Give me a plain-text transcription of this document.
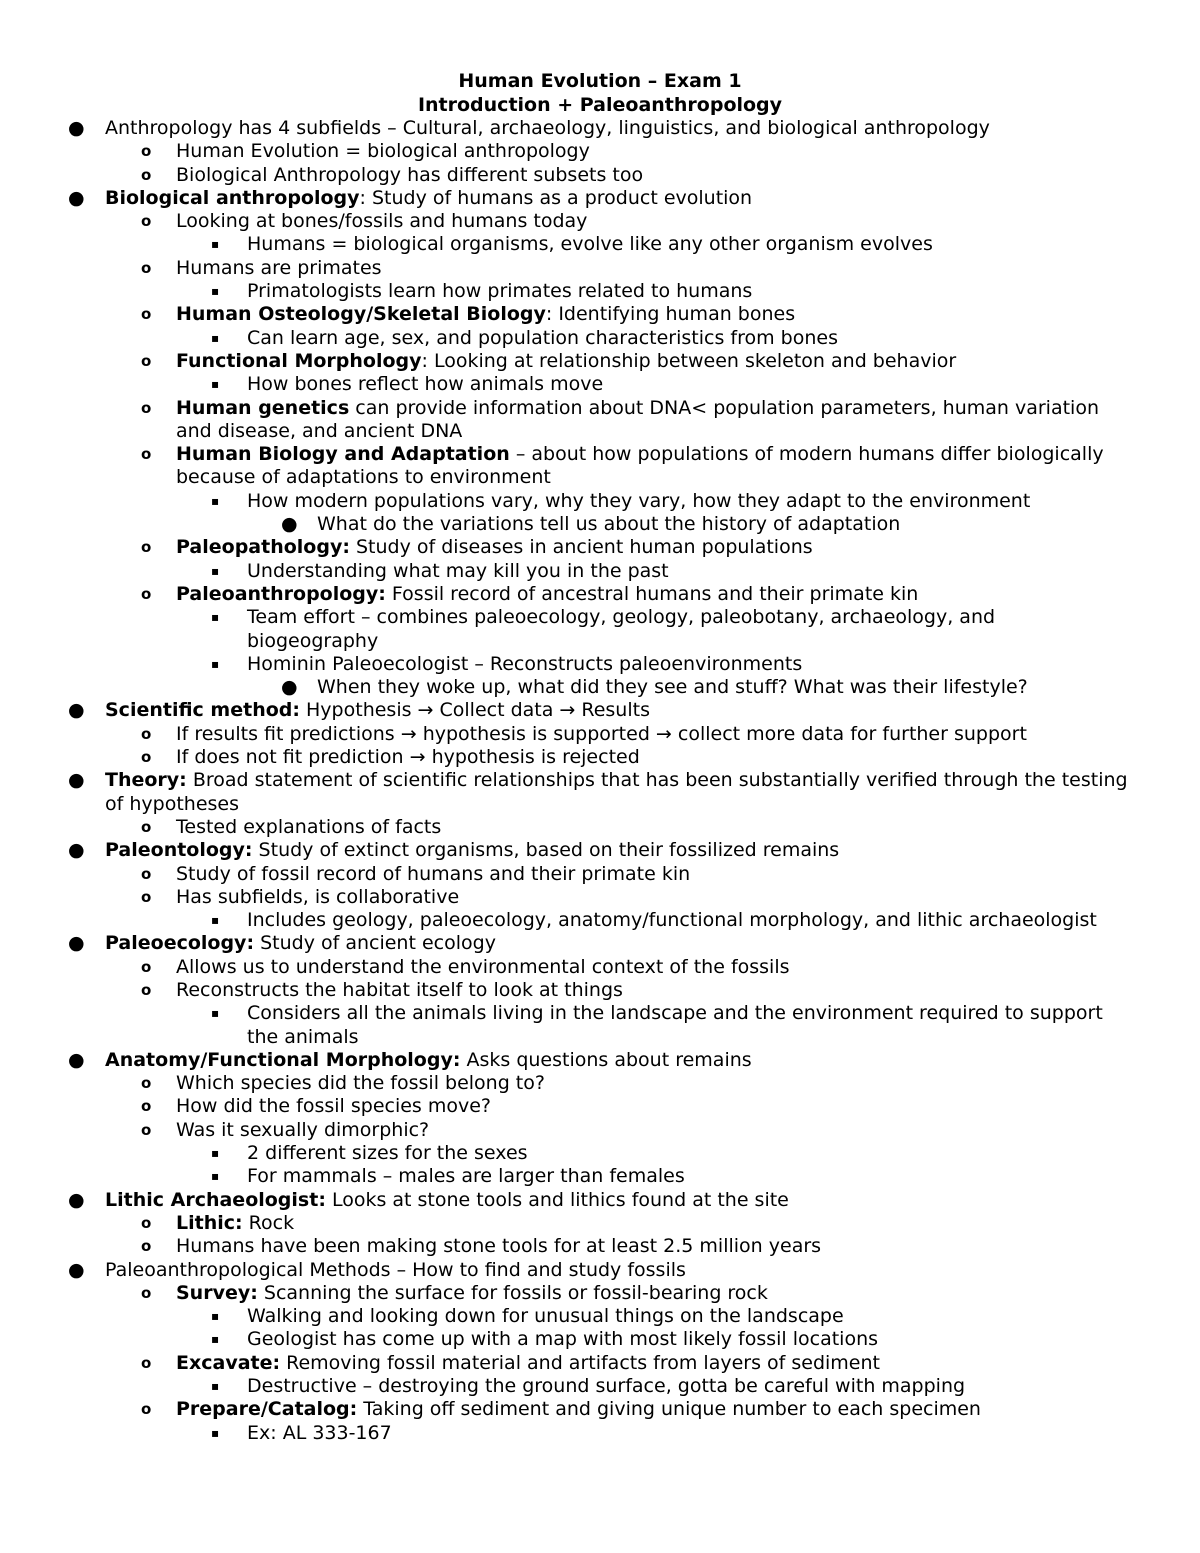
Human Evolution – Exam 1
Introduction + Paleoanthropology
● Anthropology has 4 subfields – Cultural, archaeology, linguistics, and biological anthropology
o Human Evolution = biological anthropology
o Biological Anthropology has different subsets too
● Biological anthropology: Study of humans as a product evolution
o Looking at bones/fossils and humans today
▪ Humans = biological organisms, evolve like any other organism evolves
o Humans are primates
▪ Primatologists learn how primates related to humans
o Human Osteology/Skeletal Biology: Identifying human bones
▪ Can learn age, sex, and population characteristics from bones
o Functional Morphology: Looking at relationship between skeleton and behavior
▪ How bones reflect how animals move
o Human genetics can provide information about DNA< population parameters, human variation and disease, and ancient DNA
o Human Biology and Adaptation – about how populations of modern humans differ biologically because of adaptations to environment
▪ How modern populations vary, why they vary, how they adapt to the environment
● What do the variations tell us about the history of adaptation
o Paleopathology: Study of diseases in ancient human populations
▪ Understanding what may kill you in the past
o Paleoanthropology: Fossil record of ancestral humans and their primate kin
▪ Team effort – combines paleoecology, geology, paleobotany, archaeology, and biogeography
▪ Hominin Paleoecologist – Reconstructs paleoenvironments
● When they woke up, what did they see and stuff? What was their lifestyle?
● Scientific method: Hypothesis → Collect data → Results
o If results fit predictions → hypothesis is supported → collect more data for further support
o If does not fit prediction → hypothesis is rejected
● Theory: Broad statement of scientific relationships that has been substantially verified through the testing of hypotheses
o Tested explanations of facts
● Paleontology: Study of extinct organisms, based on their fossilized remains
o Study of fossil record of humans and their primate kin
o Has subfields, is collaborative
▪ Includes geology, paleoecology, anatomy/functional morphology, and lithic archaeologist
● Paleoecology: Study of ancient ecology
o Allows us to understand the environmental context of the fossils
o Reconstructs the habitat itself to look at things
▪ Considers all the animals living in the landscape and the environment required to support the animals
● Anatomy/Functional Morphology: Asks questions about remains
o Which species did the fossil belong to?
o How did the fossil species move?
o Was it sexually dimorphic?
▪ 2 different sizes for the sexes
▪ For mammals – males are larger than females
● Lithic Archaeologist: Looks at stone tools and lithics found at the site
o Lithic: Rock
o Humans have been making stone tools for at least 2.5 million years
● Paleoanthropological Methods – How to find and study fossils
o Survey: Scanning the surface for fossils or fossil-bearing rock
▪ Walking and looking down for unusual things on the landscape
▪ Geologist has come up with a map with most likely fossil locations
o Excavate: Removing fossil material and artifacts from layers of sediment
▪ Destructive – destroying the ground surface, gotta be careful with mapping
o Prepare/Catalog: Taking off sediment and giving unique number to each specimen
▪ Ex: AL 333-167
